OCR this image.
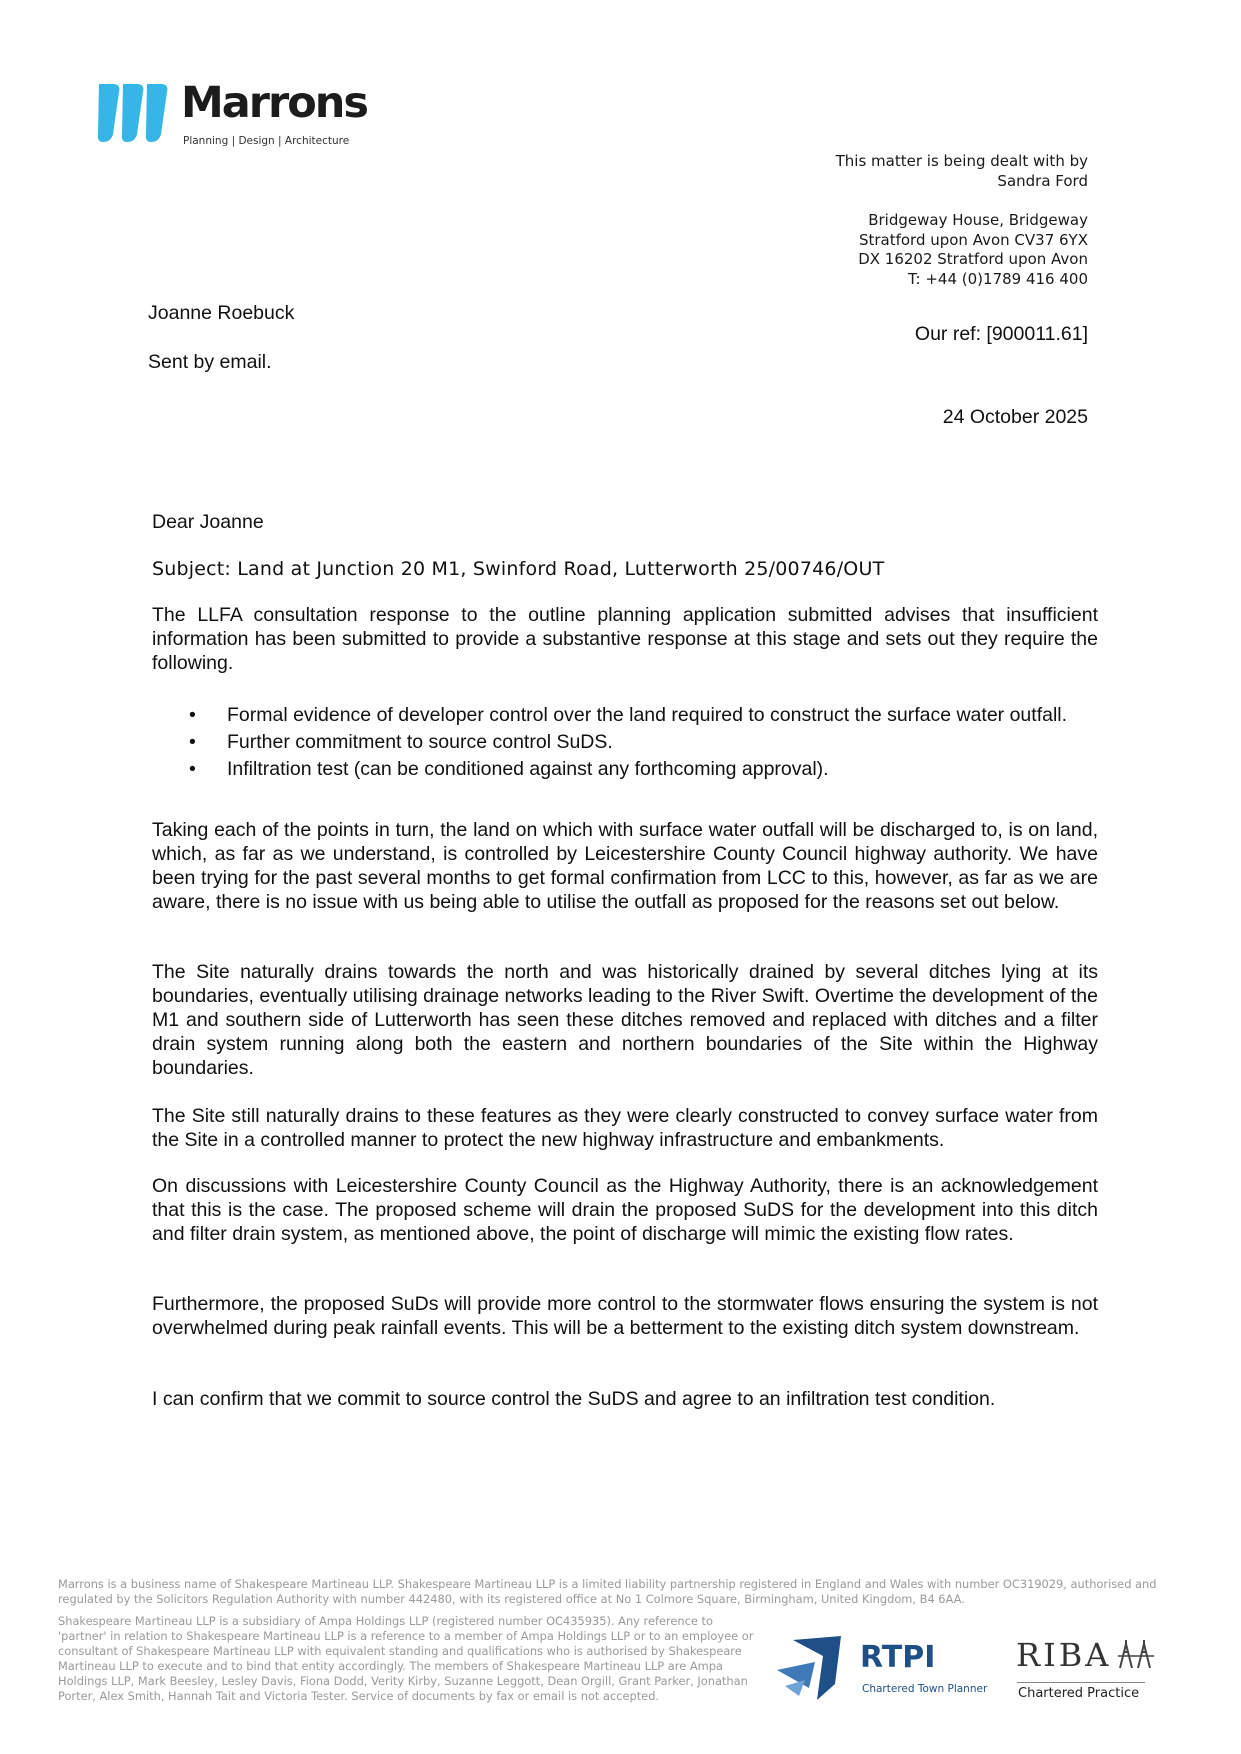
Marrons
Planning | Design | Architecture
This matter is being dealt with by
Sandra Ford
Bridgeway House, Bridgeway
Stratford upon Avon CV37 6YX
DX 16202 Stratford upon Avon
T: +44 (0)1789 416 400
Joanne Roebuck
Sent by email.
Our ref: [900011.61]
24 October 2025
Dear Joanne
Subject: Land at Junction 20 M1, Swinford Road, Lutterworth 25/00746/OUT
The LLFA consultation response to the outline planning application submitted advises that insufficient information has been submitted to provide a substantive response at this stage and sets out they require the following.
• Formal evidence of developer control over the land required to construct the surface water outfall.
• Further commitment to source control SuDS.
• Infiltration test (can be conditioned against any forthcoming approval).
Taking each of the points in turn, the land on which with surface water outfall will be discharged to, is on land, which, as far as we understand, is controlled by Leicestershire County Council highway authority. We have been trying for the past several months to get formal confirmation from LCC to this, however, as far as we are aware, there is no issue with us being able to utilise the outfall as proposed for the reasons set out below.
The Site naturally drains towards the north and was historically drained by several ditches lying at its boundaries, eventually utilising drainage networks leading to the River Swift. Overtime the development of the M1 and southern side of Lutterworth has seen these ditches removed and replaced with ditches and a filter drain system running along both the eastern and northern boundaries of the Site within the Highway boundaries.
The Site still naturally drains to these features as they were clearly constructed to convey surface water from the Site in a controlled manner to protect the new highway infrastructure and embankments.
On discussions with Leicestershire County Council as the Highway Authority, there is an acknowledgement that this is the case. The proposed scheme will drain the proposed SuDS for the development into this ditch and filter drain system, as mentioned above, the point of discharge will mimic the existing flow rates.
Furthermore, the proposed SuDs will provide more control to the stormwater flows ensuring the system is not overwhelmed during peak rainfall events. This will be a betterment to the existing ditch system downstream.
I can confirm that we commit to source control the SuDS and agree to an infiltration test condition.
Marrons is a business name of Shakespeare Martineau LLP. Shakespeare Martineau LLP is a limited liability partnership registered in England and Wales with number OC319029, authorised and regulated by the Solicitors Regulation Authority with number 442480, with its registered office at No 1 Colmore Square, Birmingham, United Kingdom, B4 6AA.
Shakespeare Martineau LLP is a subsidiary of Ampa Holdings LLP (registered number OC435935). Any reference to 'partner' in relation to Shakespeare Martineau LLP is a reference to a member of Ampa Holdings LLP or to an employee or consultant of Shakespeare Martineau LLP with equivalent standing and qualifications who is authorised by Shakespeare Martineau LLP to execute and to bind that entity accordingly. The members of Shakespeare Martineau LLP are Ampa Holdings LLP, Mark Beesley, Lesley Davis, Fiona Dodd, Verity Kirby, Suzanne Leggott, Dean Orgill, Grant Parker, Jonathan Porter, Alex Smith, Hannah Tait and Victoria Tester. Service of documents by fax or email is not accepted.
RTPI
Chartered Town Planner
RIBA
Chartered Practice
